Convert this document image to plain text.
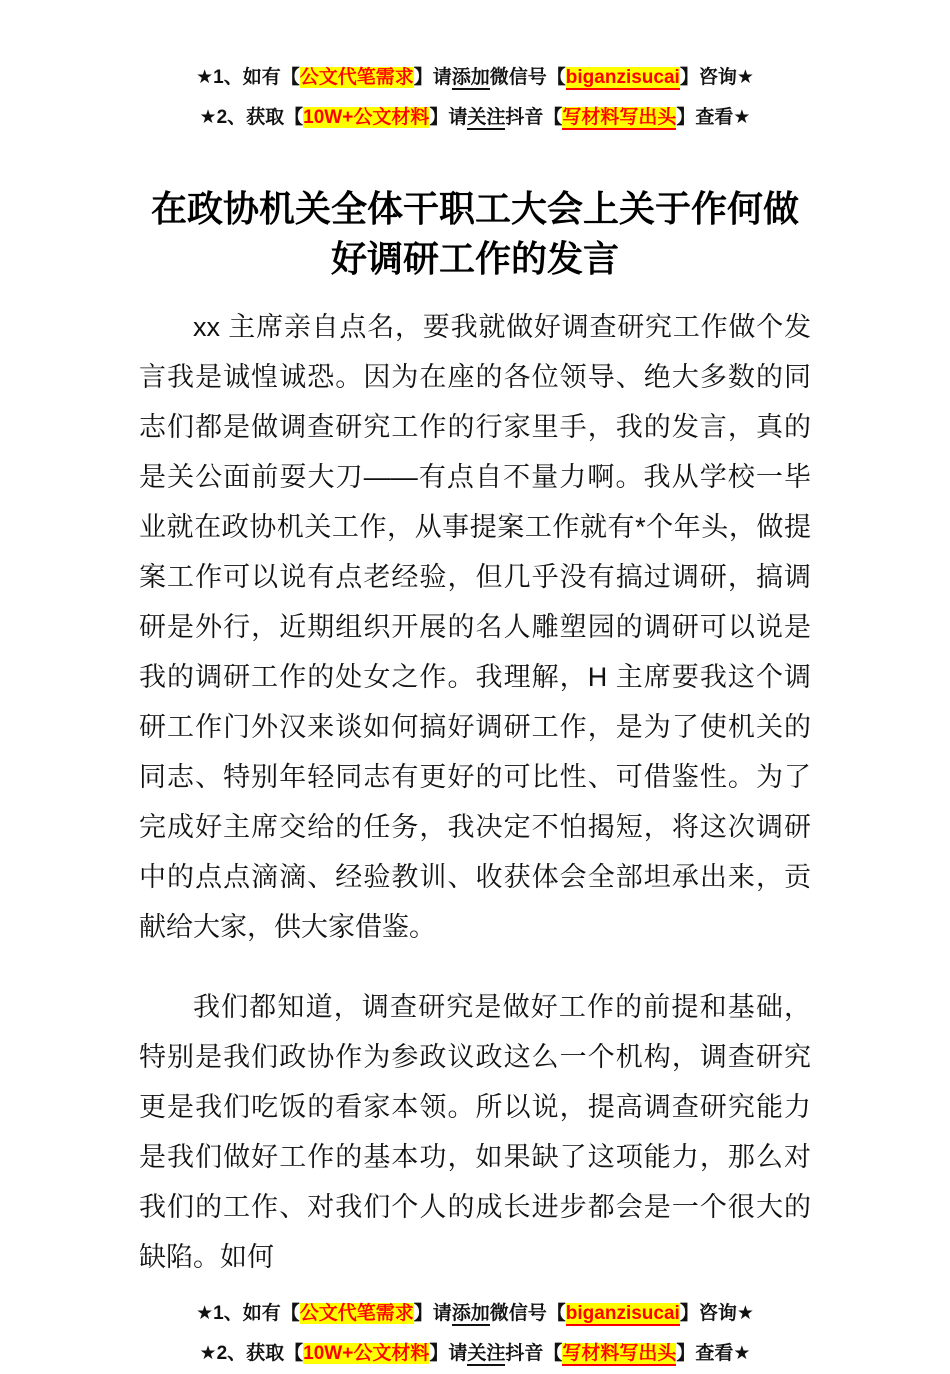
★1、如有【公文代笔需求】请添加微信号【biganzisucai】咨询★
★2、获取【10W+公文材料】请关注抖音【写材料写出头】查看★
在政协机关全体干职工大会上关于作何做好调研工作的发言

xx 主席亲自点名，要我就做好调查研究工作做个发言我是诚惶诚恐。因为在座的各位领导、绝大多数的同志们都是做调查研究工作的行家里手，我的发言，真的是关公面前耍大刀——有点自不量力啊。我从学校一毕业就在政协机关工作，从事提案工作就有*个年头，做提案工作可以说有点老经验，但几乎没有搞过调研，搞调研是外行，近期组织开展的名人雕塑园的调研可以说是我的调研工作的处女之作。我理解，H 主席要我这个调研工作门外汉来谈如何搞好调研工作，是为了使机关的同志、特别年轻同志有更好的可比性、可借鉴性。为了完成好主席交给的任务，我决定不怕揭短，将这次调研中的点点滴滴、经验教训、收获体会全部坦承出来，贡献给大家，供大家借鉴。

我们都知道，调查研究是做好工作的前提和基础，特别是我们政协作为参政议政这么一个机构，调查研究更是我们吃饭的看家本领。所以说，提高调查研究能力是我们做好工作的基本功，如果缺了这项能力，那么对我们的工作、对我们个人的成长进步都会是一个很大的缺陷。如何

★1、如有【公文代笔需求】请添加微信号【biganzisucai】咨询★
★2、获取【10W+公文材料】请关注抖音【写材料写出头】查看★
